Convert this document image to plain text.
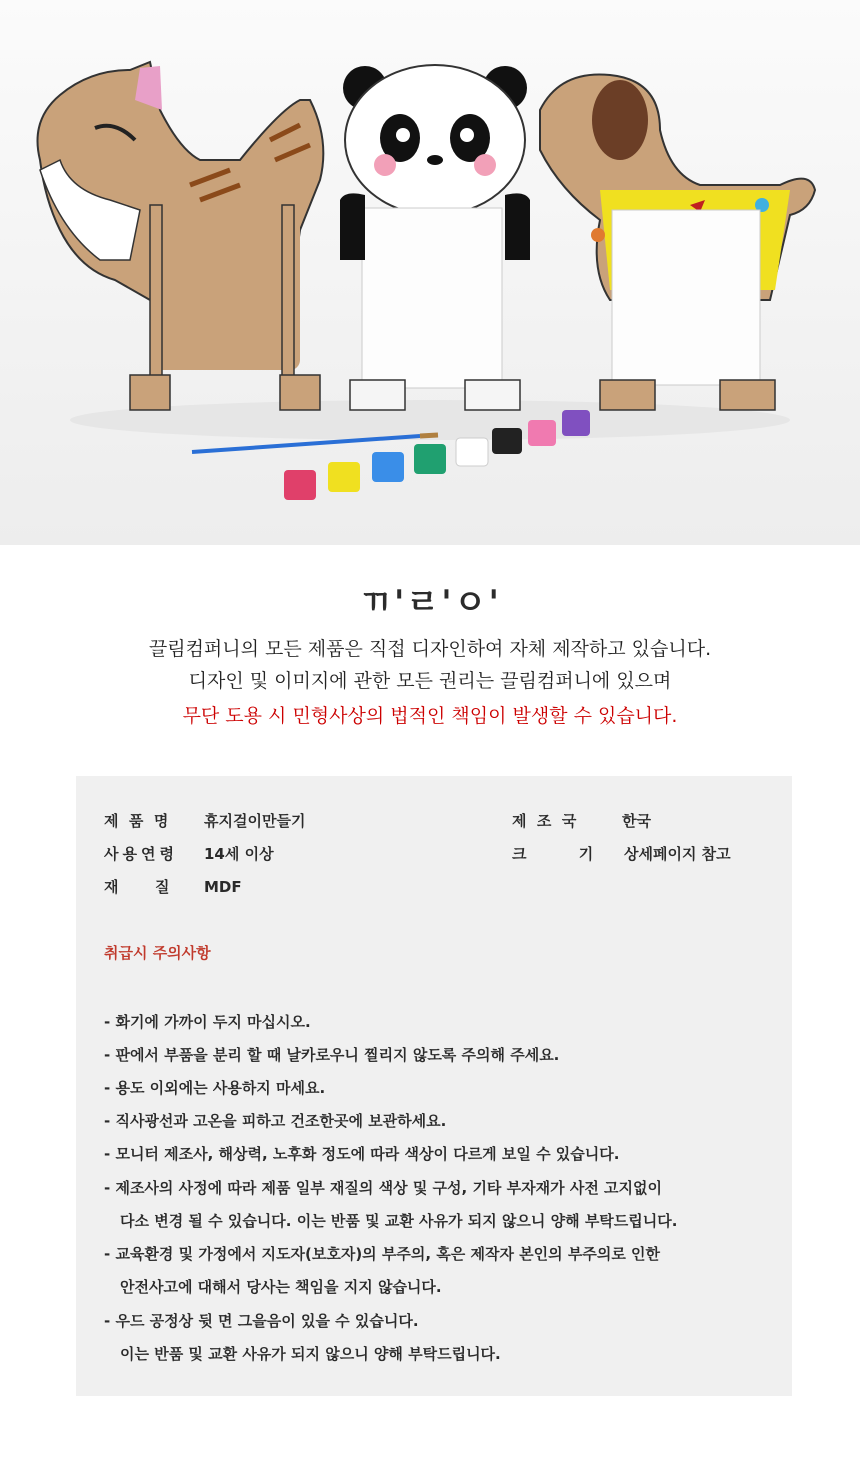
ㄲ'ㄹ'ㅇ'
끌림컴퍼니의 모든 제품은 직접 디자인하여 자체 제작하고 있습니다.
디자인 및 이미지에 관한 모든 권리는 끌림컴퍼니에 있으며
무단 도용 시 민형사상의 법적인 책임이 발생할 수 있습니다.
제  품  명 휴지걸이만들기
사용연령 14세 이상
재       질 MDF
제  조  국	한국
크          기 상세페이지 참고
취급시 주의사항
- 화기에 가까이 두지 마십시오.
- 판에서 부품을 분리 할 때 날카로우니 찔리지 않도록 주의해 주세요.
- 용도 이외에는 사용하지 마세요.
- 직사광선과 고온을 피하고 건조한곳에 보관하세요.
- 모니터 제조사, 해상력, 노후화 정도에 따라 색상이 다르게 보일 수 있습니다.
- 제조사의 사정에 따라 제품 일부 재질의 색상 및 구성, 기타 부자재가 사전 고지없이
다소 변경 될 수 있습니다. 이는 반품 및 교환 사유가 되지 않으니 양해 부탁드립니다.
- 교육환경 및 가정에서 지도자(보호자)의 부주의, 혹은 제작자 본인의 부주의로 인한
안전사고에 대해서 당사는 책임을 지지 않습니다.
- 우드 공정상 뒷 면 그을음이 있을 수 있습니다.
이는 반품 및 교환 사유가 되지 않으니 양해 부탁드립니다.
